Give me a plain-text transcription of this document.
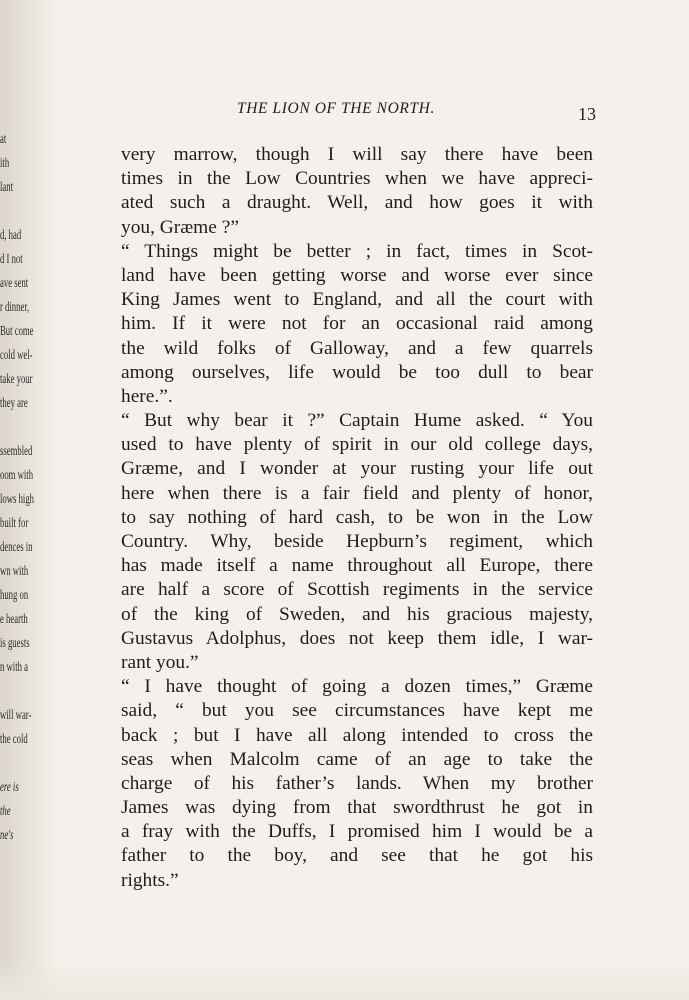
at
ith
lant
d, had
d I not
ave sent
r dinner,
But come
cold wel-
take your
they are
ssembled
oom with
lows high
built for
dences in
wn with
hung on
e hearth
is guests
n with a
will war-
the cold
ere is
the
ne's
THE LION OF THE NORTH.	13
very marrow, though I will say there have been
times in the Low Countries when we have appreci-
ated such a draught. Well, and how goes it with
you, Græme ?”
“ Things might be better ; in fact, times in Scot-
land have been getting worse and worse ever since
King James went to England, and all the court with
him. If it were not for an occasional raid among
the wild folks of Galloway, and a few quarrels
among ourselves, life would be too dull to bear
here.”.
“ But why bear it ?” Captain Hume asked. “ You
used to have plenty of spirit in our old college days,
Græme, and I wonder at your rusting your life out
here when there is a fair field and plenty of honor,
to say nothing of hard cash, to be won in the Low
Country. Why, beside Hepburn’s regiment, which
has made itself a name throughout all Europe, there
are half a score of Scottish regiments in the service
of the king of Sweden, and his gracious majesty,
Gustavus Adolphus, does not keep them idle, I war-
rant you.”
“ I have thought of going a dozen times,” Græme
said, “ but you see circumstances have kept me
back ; but I have all along intended to cross the
seas when Malcolm came of an age to take the
charge of his father’s lands. When my brother
James was dying from that swordthrust he got in
a fray with the Duffs, I promised him I would be a
father to the boy, and see that he got his
rights.”
